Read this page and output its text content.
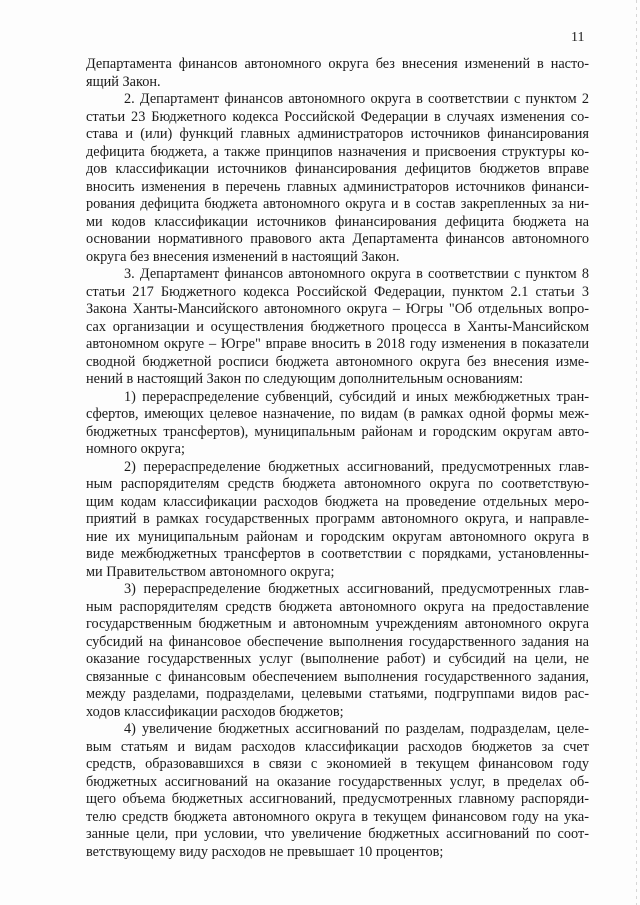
11
Департамента финансов автономного округа без внесения изменений в насто-
ящий Закон.
2. Департамент финансов автономного округа в соответствии с пунктом 2
статьи 23 Бюджетного кодекса Российской Федерации в случаях изменения со-
става и (или) функций главных администраторов источников финансирования
дефицита бюджета, а также принципов назначения и присвоения структуры ко-
дов классификации источников финансирования дефицитов бюджетов вправе
вносить изменения в перечень главных администраторов источников финанси-
рования дефицита бюджета автономного округа и в состав закрепленных за ни-
ми кодов классификации источников финансирования дефицита бюджета на
основании нормативного правового акта Департамента финансов автономного
округа без внесения изменений в настоящий Закон.
3. Департамент финансов автономного округа в соответствии с пунктом 8
статьи 217 Бюджетного кодекса Российской Федерации, пунктом 2.1 статьи 3
Закона Ханты-Мансийского автономного округа – Югры "Об отдельных вопро-
сах организации и осуществления бюджетного процесса в Ханты-Мансийском
автономном округе – Югре" вправе вносить в 2018 году изменения в показатели
сводной бюджетной росписи бюджета автономного округа без внесения изме-
нений в настоящий Закон по следующим дополнительным основаниям:
1) перераспределение субвенций, субсидий и иных межбюджетных тран-
сфертов, имеющих целевое назначение, по видам (в рамках одной формы меж-
бюджетных трансфертов), муниципальным районам и городским округам авто-
номного округа;
2) перераспределение бюджетных ассигнований, предусмотренных глав-
ным распорядителям средств бюджета автономного округа по соответствую-
щим кодам классификации расходов бюджета на проведение отдельных меро-
приятий в рамках государственных программ автономного округа, и направле-
ние их муниципальным районам и городским округам автономного округа в
виде межбюджетных трансфертов в соответствии с порядками, установленны-
ми Правительством автономного округа;
3) перераспределение бюджетных ассигнований, предусмотренных глав-
ным распорядителям средств бюджета автономного округа на предоставление
государственным бюджетным и автономным учреждениям автономного округа
субсидий на финансовое обеспечение выполнения государственного задания на
оказание государственных услуг (выполнение работ) и субсидий на цели, не
связанные с финансовым обеспечением выполнения государственного задания,
между разделами, подразделами, целевыми статьями, подгруппами видов рас-
ходов классификации расходов бюджетов;
4) увеличение бюджетных ассигнований по разделам, подразделам, целе-
вым статьям и видам расходов классификации расходов бюджетов за счет
средств, образовавшихся в связи с экономией в текущем финансовом году
бюджетных ассигнований на оказание государственных услуг, в пределах об-
щего объема бюджетных ассигнований, предусмотренных главному распоряди-
телю средств бюджета автономного округа в текущем финансовом году на ука-
занные цели, при условии, что увеличение бюджетных ассигнований по соот-
ветствующему виду расходов не превышает 10 процентов;
